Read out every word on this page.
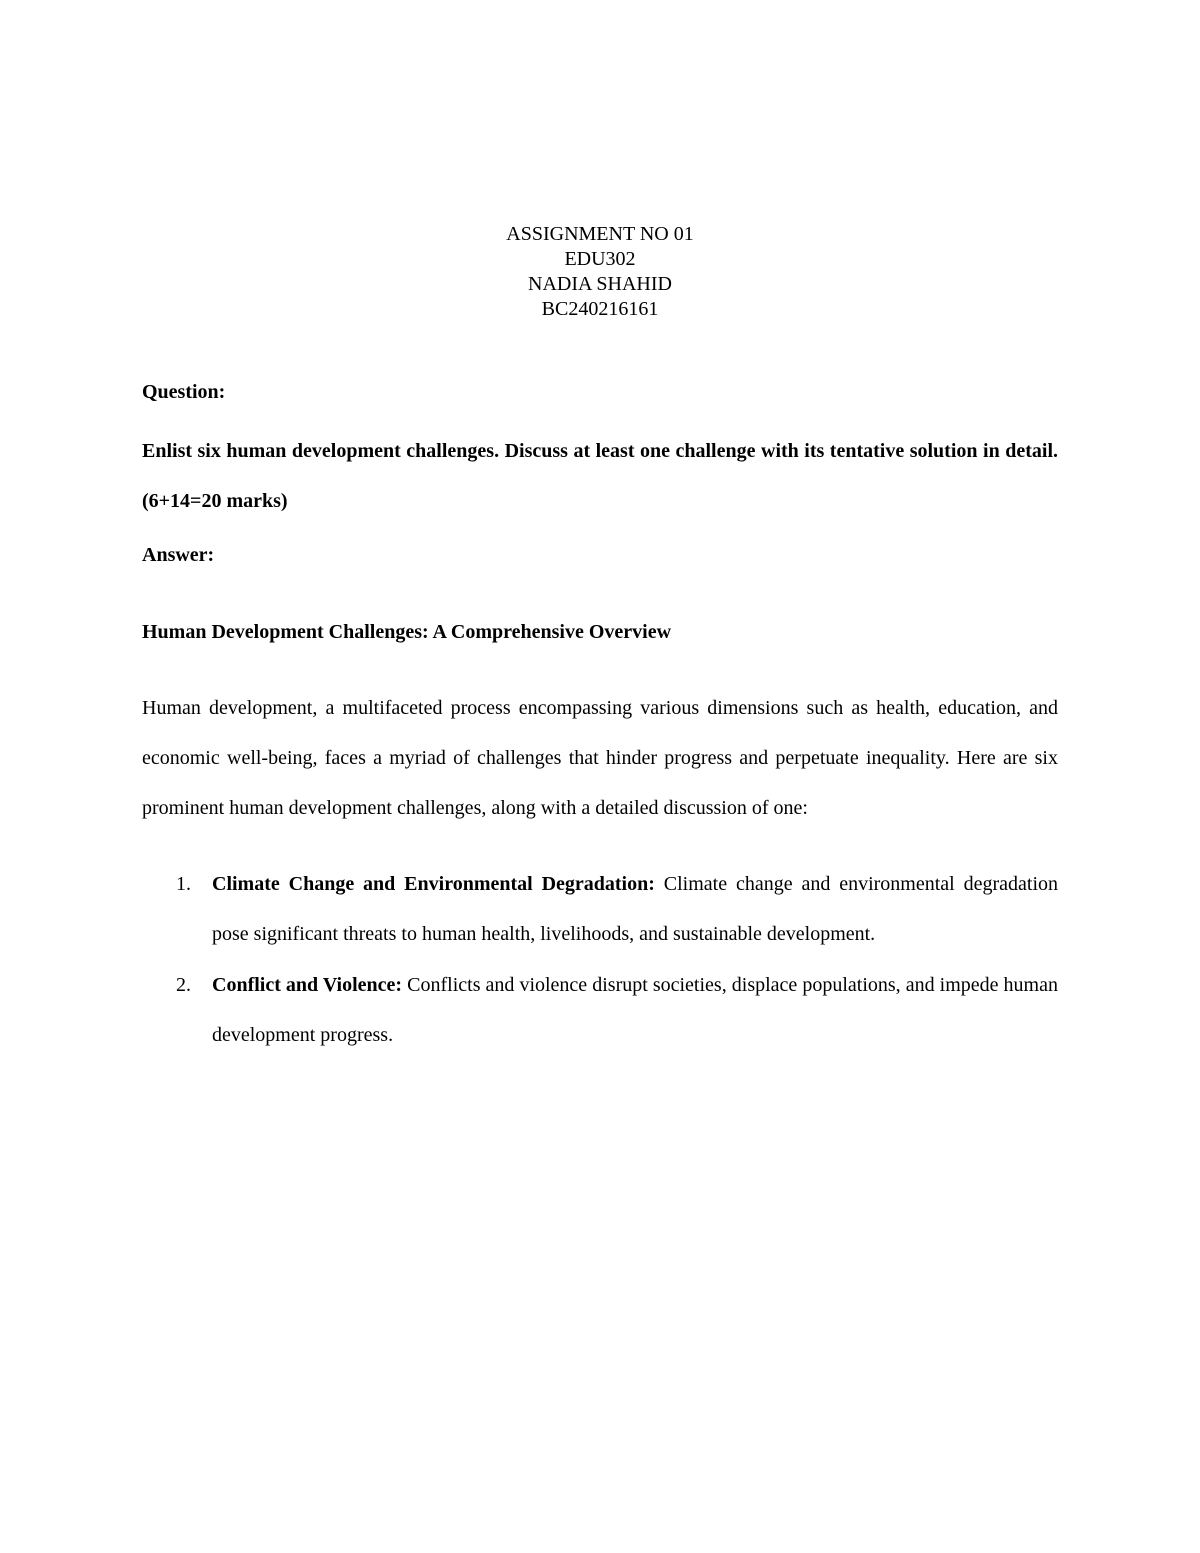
ASSIGNMENT NO 01
EDU302
NADIA SHAHID
BC240216161
Question:
Enlist six human development challenges. Discuss at least one challenge with its tentative solution in detail. (6+14=20 marks)
Answer:
Human Development Challenges: A Comprehensive Overview
Human development, a multifaceted process encompassing various dimensions such as health, education, and economic well-being, faces a myriad of challenges that hinder progress and perpetuate inequality. Here are six prominent human development challenges, along with a detailed discussion of one:
1. Climate Change and Environmental Degradation: Climate change and environmental degradation pose significant threats to human health, livelihoods, and sustainable development.
2. Conflict and Violence: Conflicts and violence disrupt societies, displace populations, and impede human development progress.
